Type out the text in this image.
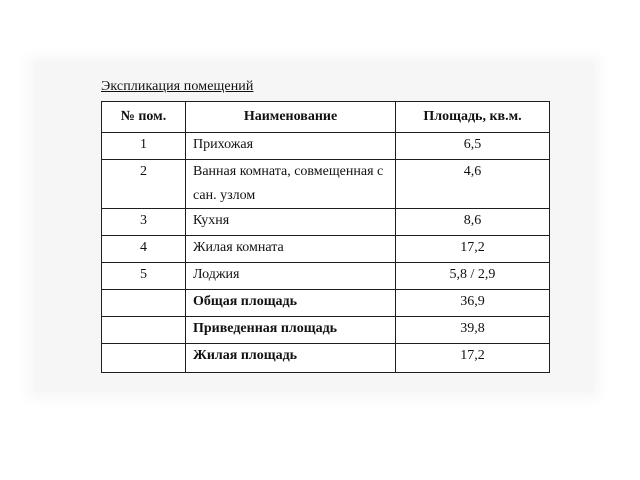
Экспликация помещений
№ пом.	Наименование	Площадь, кв.м.
1	Прихожая	6,5
2	Ванная комната, совмещенная с сан. узлом	4,6
3	Кухня	8,6
4	Жилая комната	17,2
5	Лоджия	5,8 / 2,9
	Общая площадь	36,9
	Приведенная площадь	39,8
	Жилая площадь	17,2
